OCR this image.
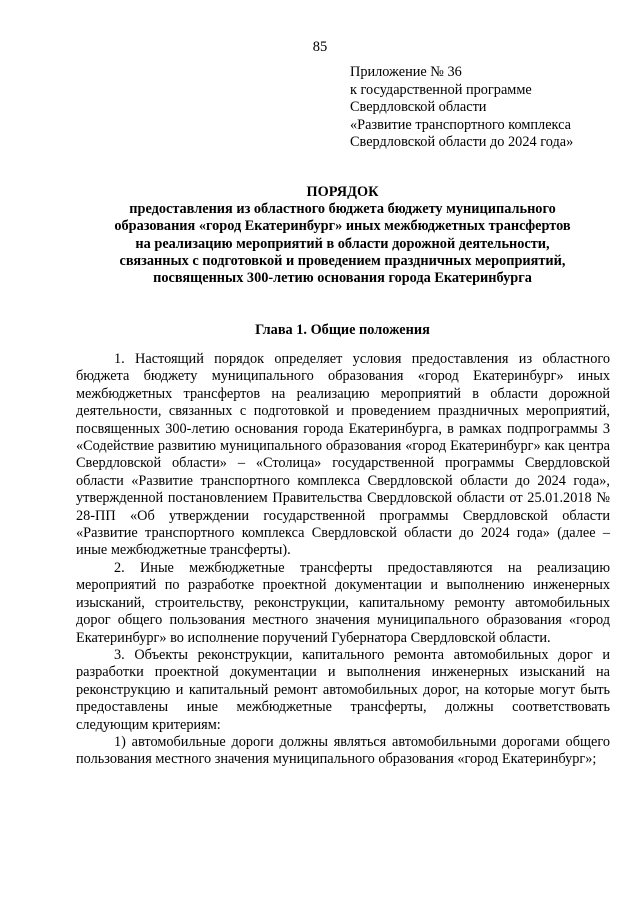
85
Приложение № 36
к государственной программе
Свердловской области
«Развитие транспортного комплекса
Свердловской области до 2024 года»
ПОРЯДОК
предоставления из областного бюджета бюджету муниципального
образования «город Екатеринбург» иных межбюджетных трансфертов
на реализацию мероприятий в области дорожной деятельности,
связанных с подготовкой и проведением праздничных мероприятий,
посвященных 300-летию основания города Екатеринбурга
Глава 1. Общие положения

1. Настоящий порядок определяет условия предоставления из областного бюджета бюджету муниципального образования «город Екатеринбург» иных межбюджетных трансфертов на реализацию мероприятий в области дорожной деятельности, связанных с подготовкой и проведением праздничных мероприятий, посвященных 300-летию основания города Екатеринбурга, в рамках подпрограммы 3 «Содействие развитию муниципального образования «город Екатеринбург» как центра Свердловской области» – «Столица» государственной программы Свердловской области «Развитие транспортного комплекса Свердловской области до 2024 года», утвержденной постановлением Правительства Свердловской области от 25.01.2018 № 28-ПП «Об утверждении государственной программы Свердловской области «Развитие транспортного комплекса Свердловской области до 2024 года» (далее – иные межбюджетные трансферты).

2. Иные межбюджетные трансферты предоставляются на реализацию мероприятий по разработке проектной документации и выполнению инженерных изысканий, строительству, реконструкции, капитальному ремонту автомобильных дорог общего пользования местного значения муниципального образования «город Екатеринбург» во исполнение поручений Губернатора Свердловской области.

3. Объекты реконструкции, капитального ремонта автомобильных дорог и разработки проектной документации и выполнения инженерных изысканий на реконструкцию и капитальный ремонт автомобильных дорог, на которые могут быть предоставлены иные межбюджетные трансферты, должны соответствовать следующим критериям:

1) автомобильные дороги должны являться автомобильными дорогами общего пользования местного значения муниципального образования «город Екатеринбург»;
